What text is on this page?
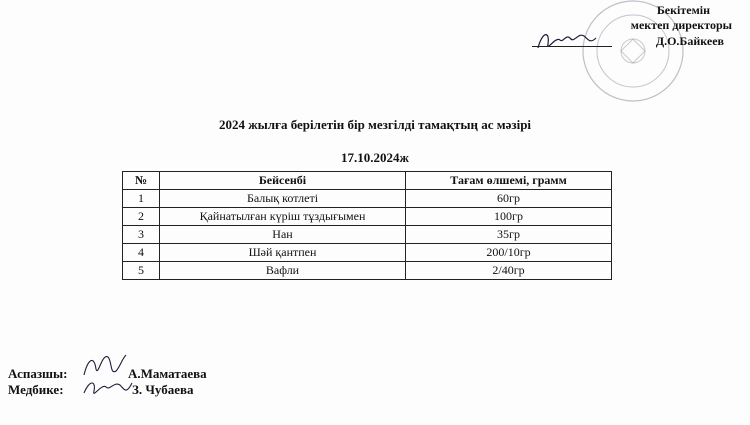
Бекітемін
мектеп директоры
Д.О.Байкеев
2024 жылға берілетін бір мезгілді тамақтың ас мәзірі
17.10.2024ж
№	Бейсенбі	Тағам өлшемі, грамм
1	Балық котлеті	60гр
2	Қайнатылған күріш тұздығымен	100гр
3	Нан	35гр
4	Шәй қантпен	200/10гр
5	Вафли	2/40гр
Аспазшы:	А.Маматаева
Медбике:	З. Чубаева
